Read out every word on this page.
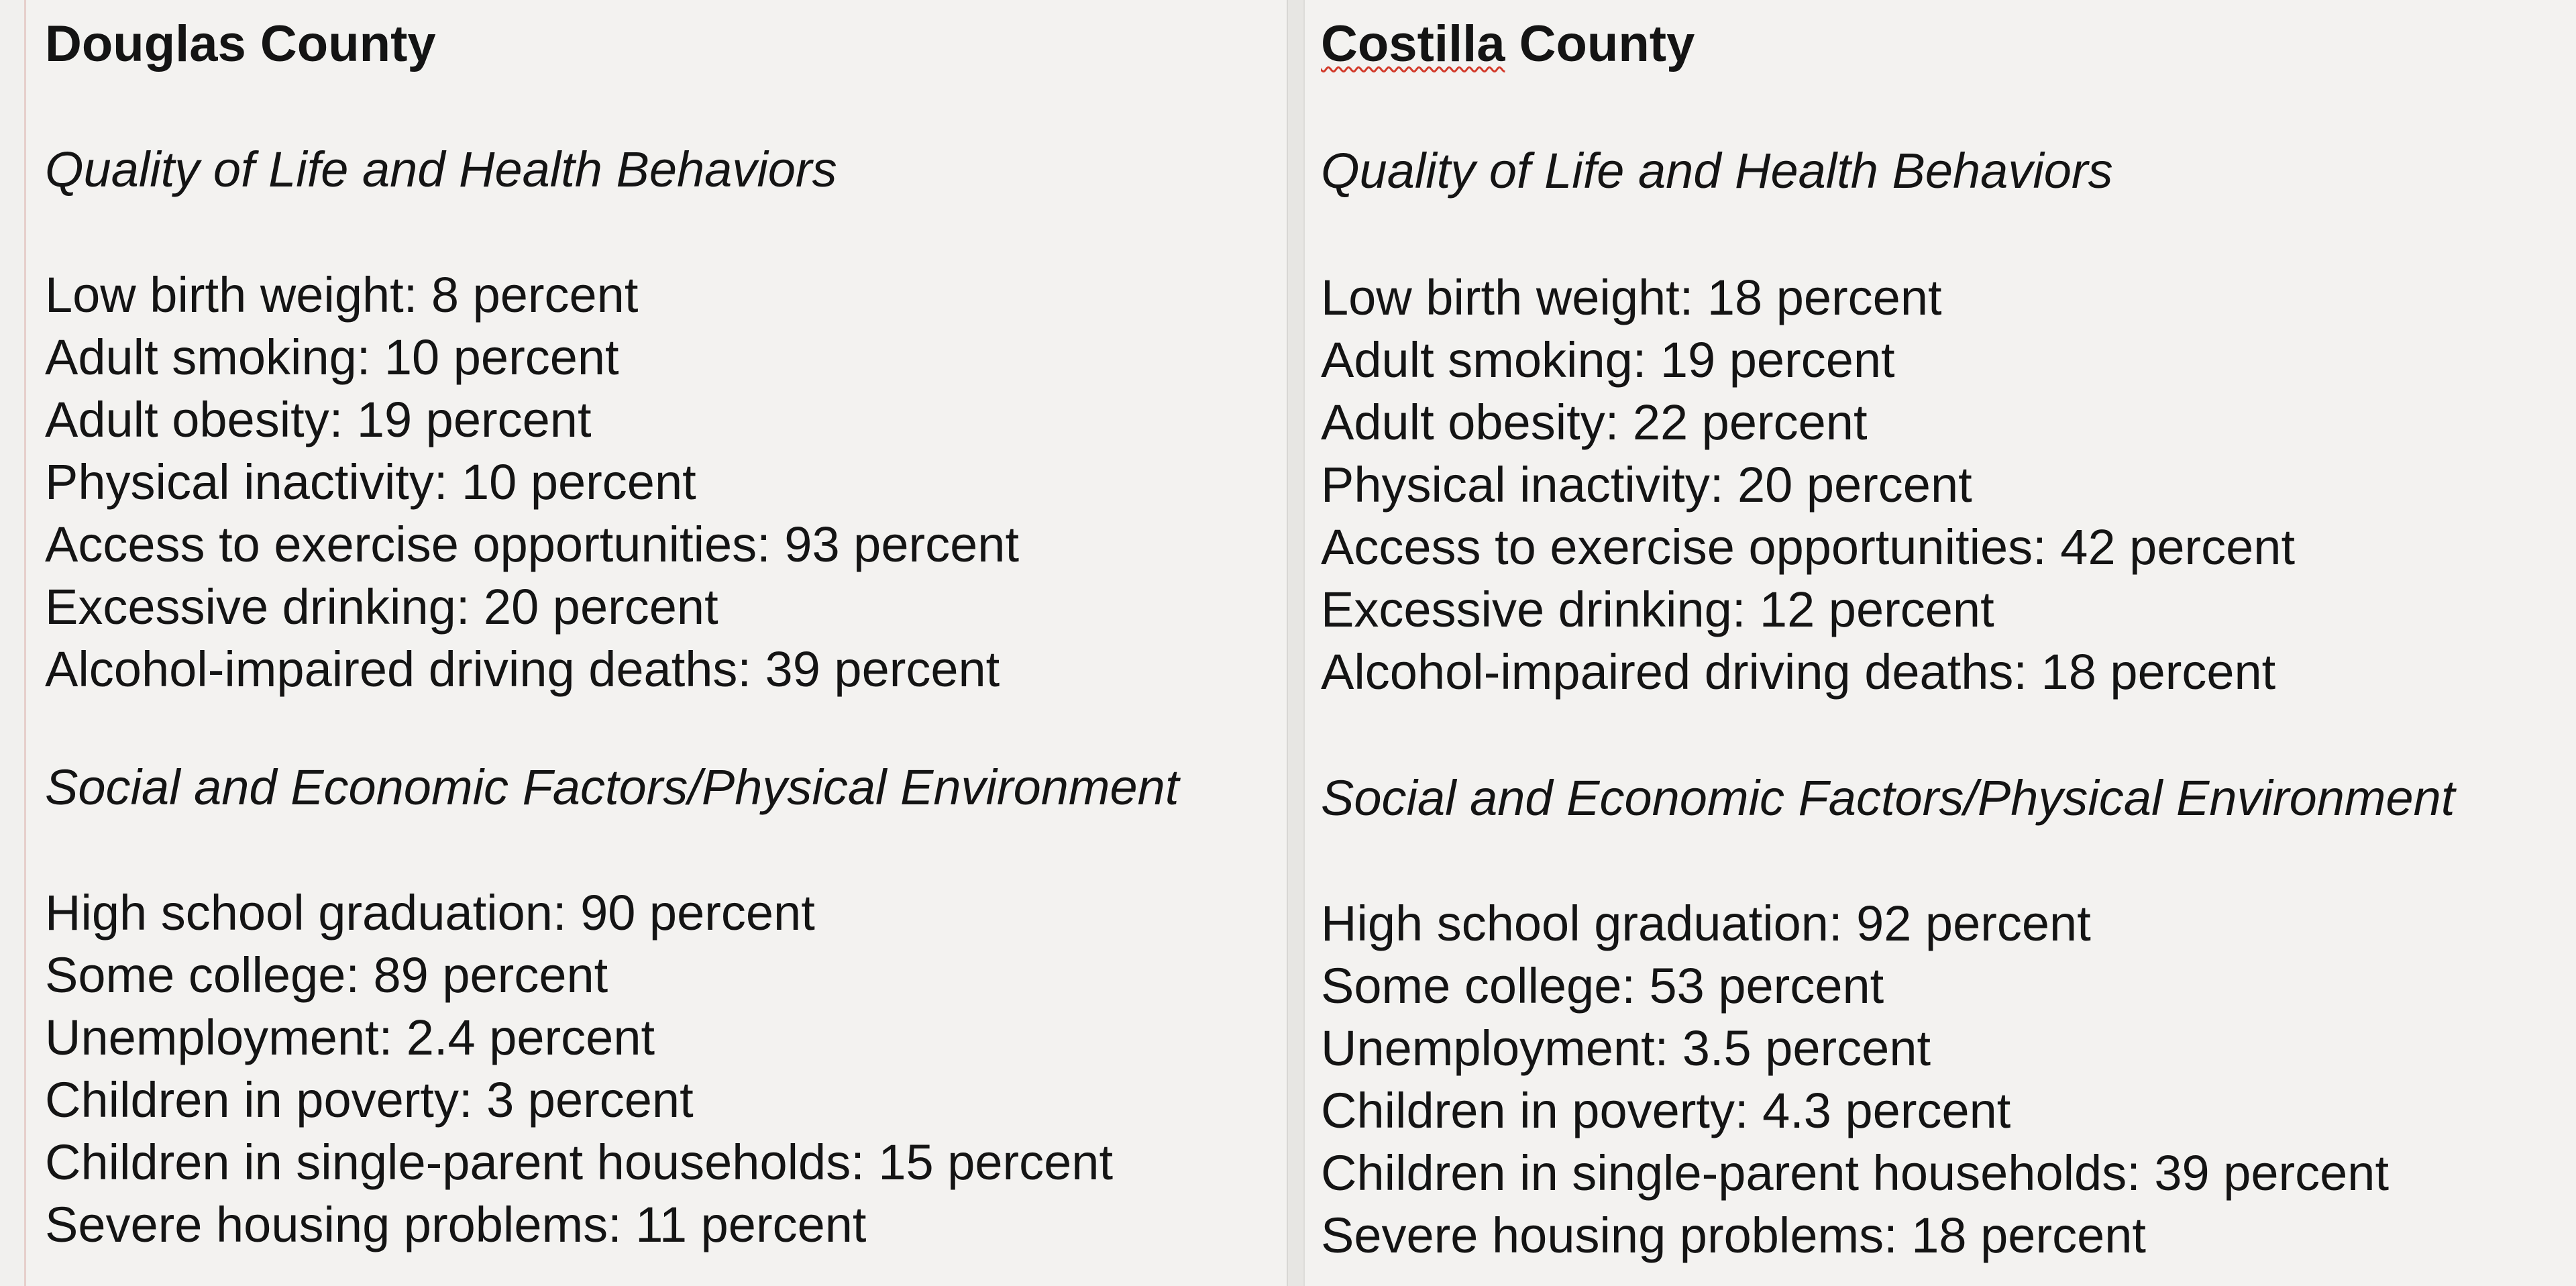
Douglas County
Quality of Life and Health Behaviors
Low birth weight: 8 percent
Adult smoking: 10 percent
Adult obesity: 19 percent
Physical inactivity: 10 percent
Access to exercise opportunities: 93 percent
Excessive drinking: 20 percent
Alcohol-impaired driving deaths: 39 percent
Social and Economic Factors/Physical Environment
High school graduation: 90 percent
Some college: 89 percent
Unemployment: 2.4 percent
Children in poverty: 3 percent
Children in single-parent households: 15 percent
Severe housing problems: 11 percent
Costilla County
Quality of Life and Health Behaviors
Low birth weight: 18 percent
Adult smoking: 19 percent
Adult obesity: 22 percent
Physical inactivity: 20 percent
Access to exercise opportunities: 42 percent
Excessive drinking: 12 percent
Alcohol-impaired driving deaths: 18 percent
Social and Economic Factors/Physical Environment
High school graduation: 92 percent
Some college: 53 percent
Unemployment: 3.5 percent
Children in poverty: 4.3 percent
Children in single-parent households: 39 percent
Severe housing problems: 18 percent
